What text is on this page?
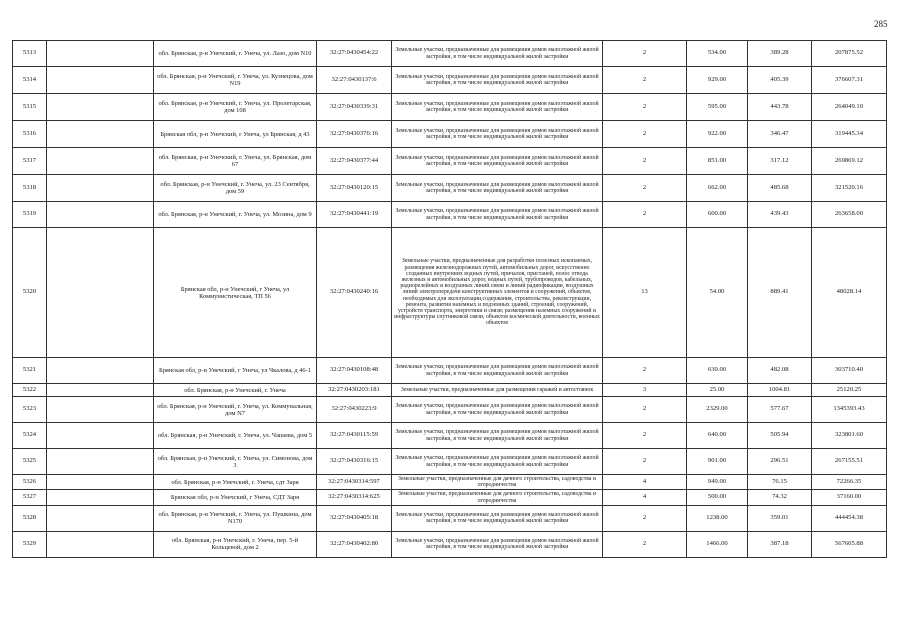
285
5313		обл. Брянская, р-н Унечский, г. Унеча, ул. Лазо, дом N10	32:27:0430454:22	Земельные участки, предназначенные для размещения домов малоэтажной жилой застройки, в том числе индивидуальной жилой застройки	2	534.00	389.28	207875.52
5314		обл. Брянская, р-н Унечский, г. Унеча, ул. Кузнецова, дом N19	32:27:0430137:6	Земельные участки, предназначенные для размещения домов малоэтажной жилой застройки, в том числе индивидуальной жилой застройки	2	929.00	405.39	376607.31
5315		обл. Брянская, р-н Унечский, г. Унеча, ул. Пролетарская, дом 108	32:27:0430339:31	Земельные участки, предназначенные для размещения домов малоэтажной жилой застройки, в том числе индивидуальной жилой застройки	2	595.00	443.78	264049.10
5316		Брянская обл, р-н Унечский, г Унеча, ул Брянская, д 43	32:27:0430376:16	Земельные участки, предназначенные для размещения домов малоэтажной жилой застройки, в том числе индивидуальной жилой застройки	2	922.00	346.47	319445.34
5317		обл. Брянская, р-н Унечский, г. Унеча, ул. Брянская, дом 67	32:27:0430377:44	Земельные участки, предназначенные для размещения домов малоэтажной жилой застройки, в том числе индивидуальной жилой застройки	2	851.00	317.12	269869.12
5318		обл. Брянская, р-н Унечский, г. Унеча, ул. 23 Сентября, дом 59	32:27:0430120:15	Земельные участки, предназначенные для размещения домов малоэтажной жилой застройки, в том числе индивидуальной жилой застройки	2	662.00	485.68	321520.16
5319		обл. Брянская, р-н Унечский, г. Унеча, ул. Мозина, дом 9	32:27:0430441:19	Земельные участки, предназначенные для размещения домов малоэтажной жилой застройки, в том числе индивидуальной жилой застройки	2	600.00	439.43	263658.00
5320		Брянская обл, р-н Унечский, г Унеча, ул Коммунистическая, ТП 56	32:27:0430240:16	Земельные участки, предназначенные для разработки полезных ископаемых, размещения железнодорожных путей, автомобильных дорог, искусственно созданных внутренних водных путей, причалов, пристаней, полос отвода железных и автомобильных дорог, водных путей, трубопроводов, кабельных, радиорелейных и воздушных линий связи и линий радиофикации, воздушных линий электропередачи конструктивных элементов и сооружений, объектов, необходимых для эксплуатации,содержания, строительства, реконструкции, ремонта, развития наземных и подземных зданий, строений, сооружений, устройств транспорта, энергетики и связи; размещения наземных сооружений и инфраструктуры спутниковой связи, объектов космической деятельности, военных объектов	13	54.00	889.41	48028.14
5321		Брянская обл, р-н Унечский, г Унеча, ул Чкалова, д 46-1	32:27:0430108:48	Земельные участки, предназначенные для размещения домов малоэтажной жилой застройки, в том числе индивидуальной жилой застройки	2	630.00	482.08	303710.40
5322		обл. Брянская, р-н Унечский, г. Унеча	32:27:0430203:181	Земельные участки, предназначенные для размещения гаражей и автостоянок	3	25.00	1004.81	25120.25
5323		обл. Брянская, р-н Унечский, г. Унеча, ул. Коммунальная, дом N7	32:27:0430223:9	Земельные участки, предназначенные для размещения домов малоэтажной жилой застройки, в том числе индивидуальной жилой застройки	2	2329.00	577.67	1345393.43
5324		обл. Брянская, р-н Унечский, г. Унеча, ул. Чапаева, дом 5	32:27:0430115:59	Земельные участки, предназначенные для размещения домов малоэтажной жилой застройки, в том числе индивидуальной жилой застройки	2	640.00	505.94	323801.60
5325		обл. Брянская, р-н Унечский, г. Унеча, ул. Симонова, дом 3	32:27:0430316:15	Земельные участки, предназначенные для размещения домов малоэтажной жилой застройки, в том числе индивидуальной жилой застройки	2	901.00	296.51	267155.51
5326		обл. Брянская, р-н Унечский, г. Унеча, сдт Заря	32:27:0430314:597	Земельные участки, предназначенные для дачного строительства, садоводства и огородничества	4	949.00	76.15	72266.35
5327		Брянская обл, р-н Унечский, г Унеча, СДТ Заря	32:27:0430314:625	Земельные участки, предназначенные для дачного строительства, садоводства и огородничества	4	500.00	74.32	37160.00
5328		обл. Брянская, р-н Унечский, г. Унеча, ул. Пушкина, дом N170	32:27:0430405:18	Земельные участки, предназначенные для размещения домов малоэтажной жилой застройки, в том числе индивидуальной жилой застройки	2	1238.00	359.01	444454.38
5329		обл. Брянская, р-н Унечский, г. Унеча, пер. 5-й Кольцевой, дом 2	32:27:0430402:80	Земельные участки, предназначенные для размещения домов малоэтажной жилой застройки, в том числе индивидуальной жилой застройки	2	1466.00	387.18	567605.88
